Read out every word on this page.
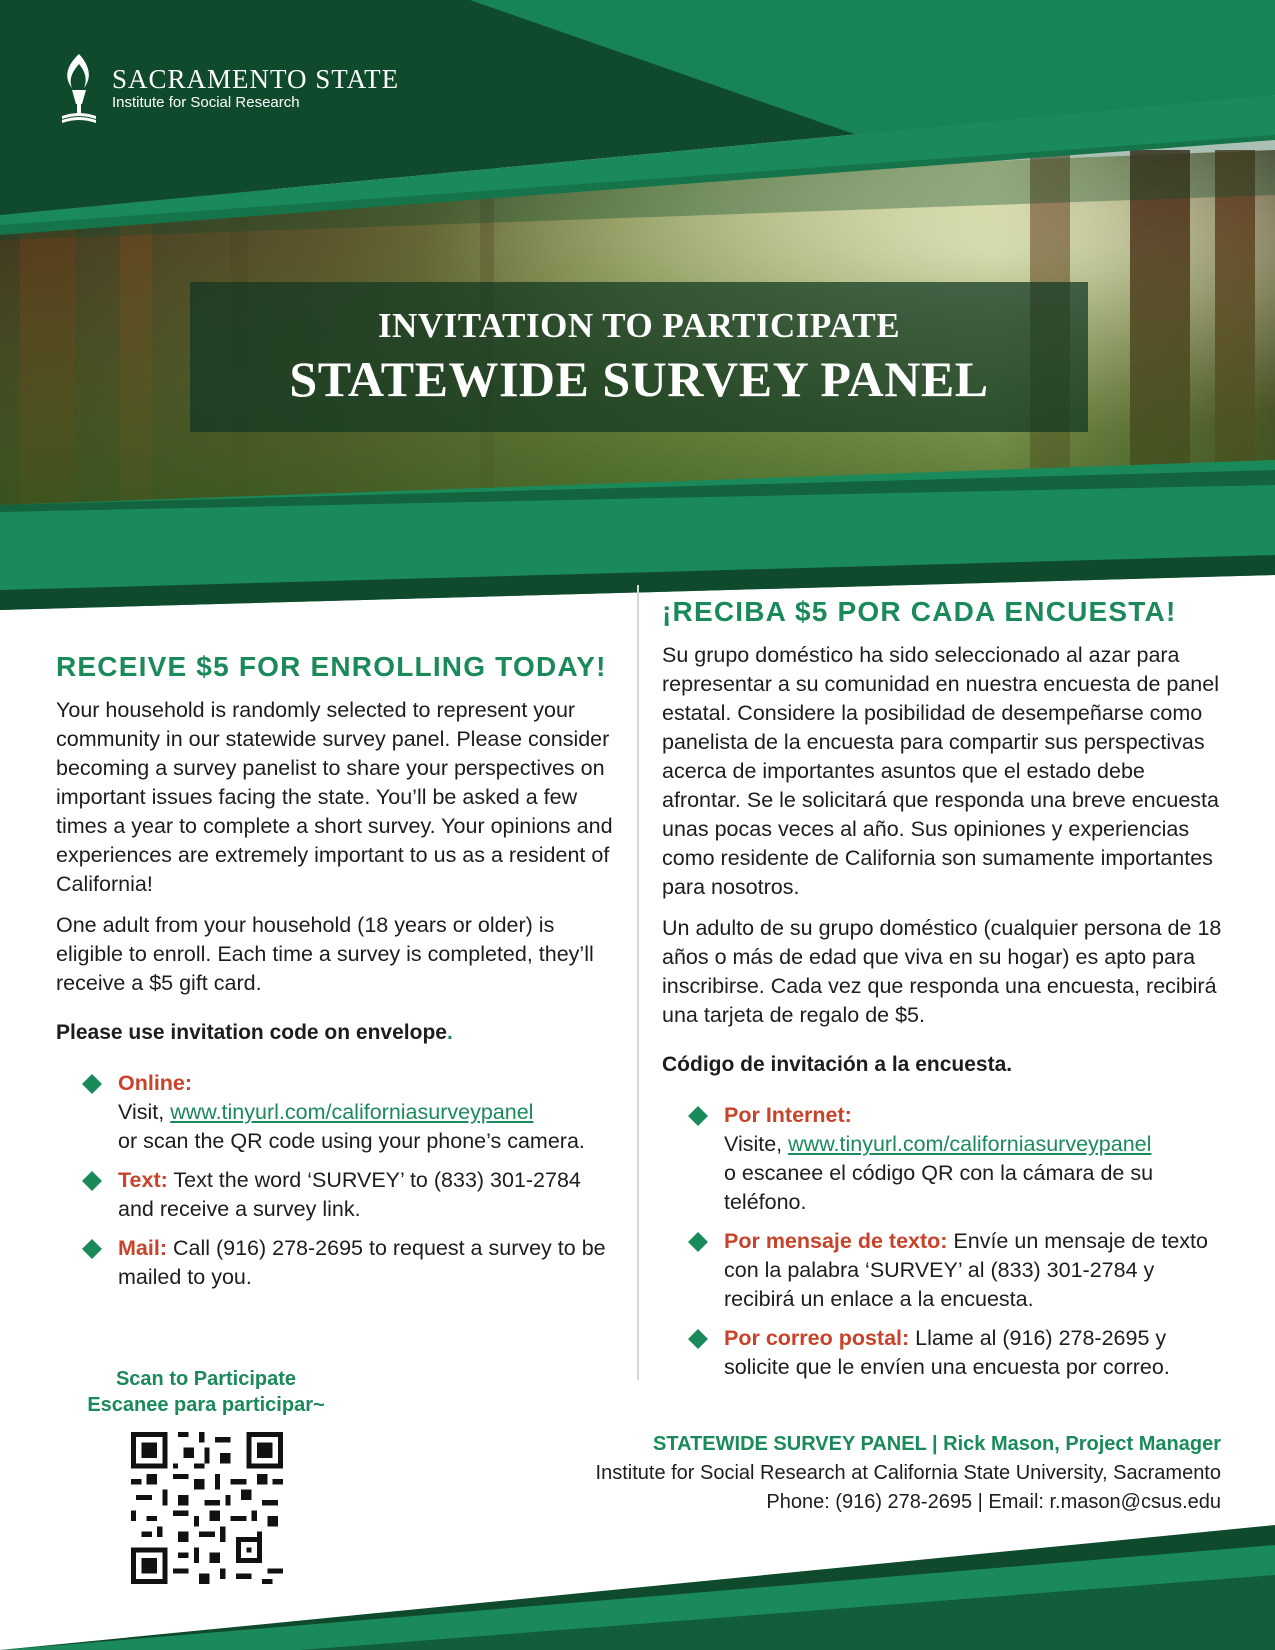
SACRAMENTO STATE
Institute for Social Research
INVITATION TO PARTICIPATE
STATEWIDE SURVEY PANEL
RECEIVE $5 FOR ENROLLING TODAY!

Your household is randomly selected to represent your community in our statewide survey panel. Please consider becoming a survey panelist to share your perspectives on important issues facing the state. You’ll be asked a few times a year to complete a short survey. Your opinions and experiences are extremely important to us as a resident of California!

One adult from your household (18 years or older) is eligible to enroll. Each time a survey is completed, they’ll receive a $5 gift card.

Please use invitation code on envelope.

Online:
Visit, www.tinyurl.com/californiasurveypanel
or scan the QR code using your phone’s camera.
Text: Text the word ‘SURVEY’ to (833) 301-2784 and receive a survey link.
Mail: Call (916) 278-2695 to request a survey to be mailed to you.
¡RECIBA $5 POR CADA ENCUESTA!

Su grupo doméstico ha sido seleccionado al azar para representar a su comunidad en nuestra encuesta de panel estatal. Considere la posibilidad de desempeñarse como panelista de la encuesta para compartir sus perspectivas acerca de importantes asuntos que el estado debe afrontar. Se le solicitará que responda una breve encuesta unas pocas veces al año. Sus opiniones y experiencias como residente de California son sumamente importantes para nosotros.

Un adulto de su grupo doméstico (cualquier persona de 18 años o más de edad que viva en su hogar) es apto para inscribirse. Cada vez que responda una encuesta, recibirá una tarjeta de regalo de $5.

Código de invitación a la encuesta.

Por Internet:
Visite, www.tinyurl.com/californiasurveypanel
o escanee el código QR con la cámara de su teléfono.
Por mensaje de texto: Envíe un mensaje de texto con la palabra ‘SURVEY’ al (833) 301-2784 y recibirá un enlace a la encuesta.
Por correo postal: Llame al (916) 278-2695 y solicite que le envíen una encuesta por correo.
Scan to Participate
Escanee para participar~
STATEWIDE SURVEY PANEL | Rick Mason, Project Manager
Institute for Social Research at California State University, Sacramento
Phone: (916) 278-2695 | Email: r.mason@csus.edu
